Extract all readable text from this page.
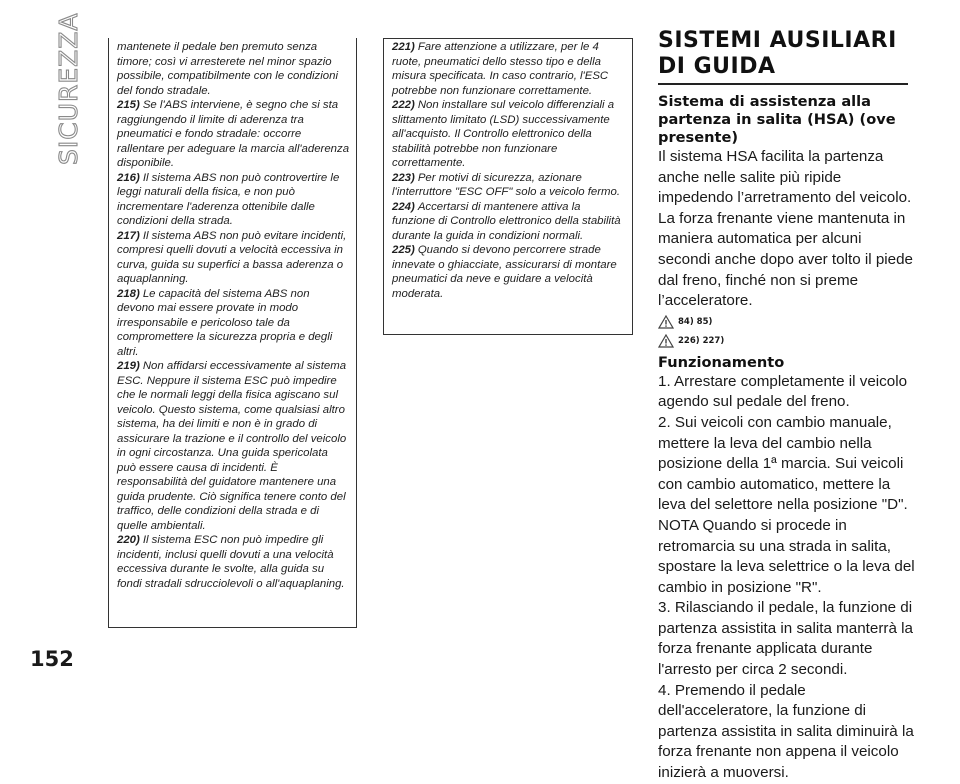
SICUREZZA
152

mantenete il pedale ben premuto senza timore; così vi arresterete nel minor spazio possibile, compatibilmente con le condizioni del fondo stradale.

215) Se l'ABS interviene, è segno che si sta raggiungendo il limite di aderenza tra pneumatici e fondo stradale: occorre rallentare per adeguare la marcia all'aderenza disponibile.

216) Il sistema ABS non può controvertire le leggi naturali della fisica, e non può incrementare l'aderenza ottenibile dalle condizioni della strada.

217) Il sistema ABS non può evitare incidenti, compresi quelli dovuti a velocità eccessiva in curva, guida su superfici a bassa aderenza o aquaplanning.

218) Le capacità del sistema ABS non devono mai essere provate in modo irresponsabile e pericoloso tale da compromettere la sicurezza propria e degli altri.

219) Non affidarsi eccessivamente al sistema ESC. Neppure il sistema ESC può impedire che le normali leggi della fisica agiscano sul veicolo. Questo sistema, come qualsiasi altro sistema, ha dei limiti e non è in grado di assicurare la trazione e il controllo del veicolo in ogni circostanza. Una guida spericolata può essere causa di incidenti. È responsabilità del guidatore mantenere una guida prudente. Ciò significa tenere conto del traffico, delle condizioni della strada e di quelle ambientali.

220) Il sistema ESC non può impedire gli incidenti, inclusi quelli dovuti a una velocità eccessiva durante le svolte, alla guida su fondi stradali sdrucciolevoli o all'aquaplaning.

221) Fare attenzione a utilizzare, per le 4 ruote, pneumatici dello stesso tipo e della misura specificata. In caso contrario, l'ESC potrebbe non funzionare correttamente.

222) Non installare sul veicolo differenziali a slittamento limitato (LSD) successivamente all'acquisto. Il Controllo elettronico della stabilità potrebbe non funzionare correttamente.

223) Per motivi di sicurezza, azionare l'interruttore "ESC OFF" solo a veicolo fermo.

224) Accertarsi di mantenere attiva la funzione di Controllo elettronico della stabilità durante la guida in condizioni normali.

225) Quando si devono percorrere strade innevate o ghiacciate, assicurarsi di montare pneumatici da neve e guidare a velocità moderata.

SISTEMI AUSILIARI
DI GUIDA
Sistema di assistenza alla partenza in salita (HSA) (ove presente)

Il sistema HSA facilita la partenza anche nelle salite più ripide impedendo l’arretramento del veicolo. La forza frenante viene mantenuta in maniera automatica per alcuni secondi anche dopo aver tolto il piede dal freno, finché non si preme l’acceleratore.

84) 85)
226) 227)
Funzionamento

1. Arrestare completamente il veicolo agendo sul pedale del freno.

2. Sui veicoli con cambio manuale, mettere la leva del cambio nella posizione della 1ª marcia. Sui veicoli con cambio automatico, mettere la leva del selettore nella posizione "D".

NOTA Quando si procede in retromarcia su una strada in salita, spostare la leva selettrice o la leva del cambio in posizione "R".

3. Rilasciando il pedale, la funzione di partenza assistita in salita manterrà la forza frenante applicata durante l'arresto per circa 2 secondi.

4. Premendo il pedale dell'acceleratore, la funzione di partenza assistita in salita diminuirà la forza frenante non appena il veicolo inizierà a muoversi.
